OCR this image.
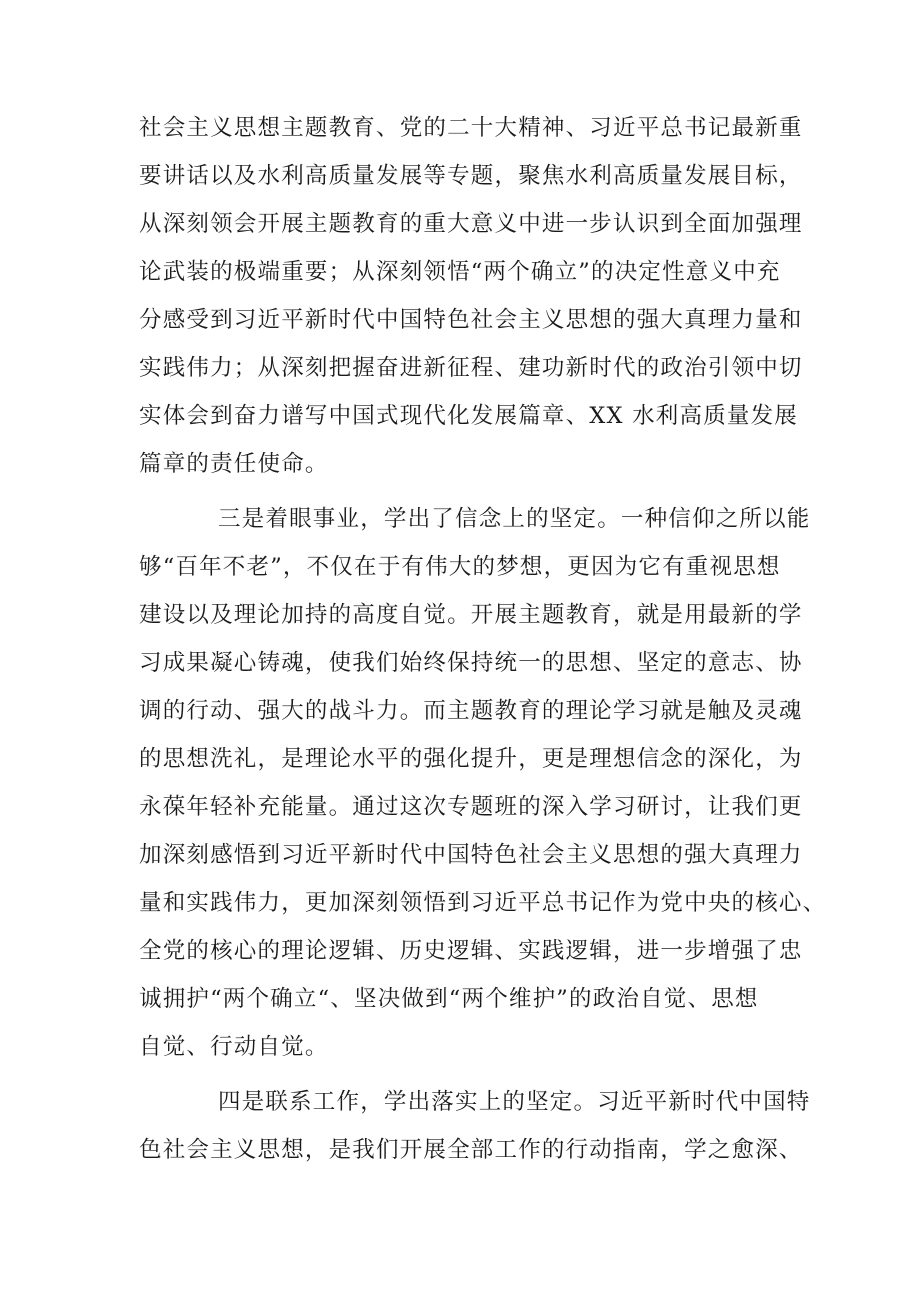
社会主义思想主题教育、党的二十大精神、习近平总书记最新重
要讲话以及水利高质量发展等专题，聚焦水利高质量发展目标，
从深刻领会开展主题教育的重大意义中进一步认识到全面加强理
论武装的极端重要；从深刻领悟“两个确立”的决定性意义中充
分感受到习近平新时代中国特色社会主义思想的强大真理力量和
实践伟力；从深刻把握奋进新征程、建功新时代的政治引领中切
实体会到奋力谱写中国式现代化发展篇章、XX 水利高质量发展
篇章的责任使命。
三是着眼事业，学出了信念上的坚定。一种信仰之所以能
够“百年不老”，不仅在于有伟大的梦想，更因为它有重视思想
建设以及理论加持的高度自觉。开展主题教育，就是用最新的学
习成果凝心铸魂，使我们始终保持统一的思想、坚定的意志、协
调的行动、强大的战斗力。而主题教育的理论学习就是触及灵魂
的思想洗礼，是理论水平的强化提升，更是理想信念的深化，为
永葆年轻补充能量。通过这次专题班的深入学习研讨，让我们更
加深刻感悟到习近平新时代中国特色社会主义思想的强大真理力
量和实践伟力，更加深刻领悟到习近平总书记作为党中央的核心、
全党的核心的理论逻辑、历史逻辑、实践逻辑，进一步增强了忠
诚拥护“两个确立“、坚决做到“两个维护”的政治自觉、思想
自觉、行动自觉。
四是联系工作，学出落实上的坚定。习近平新时代中国特
色社会主义思想，是我们开展全部工作的行动指南，学之愈深、
